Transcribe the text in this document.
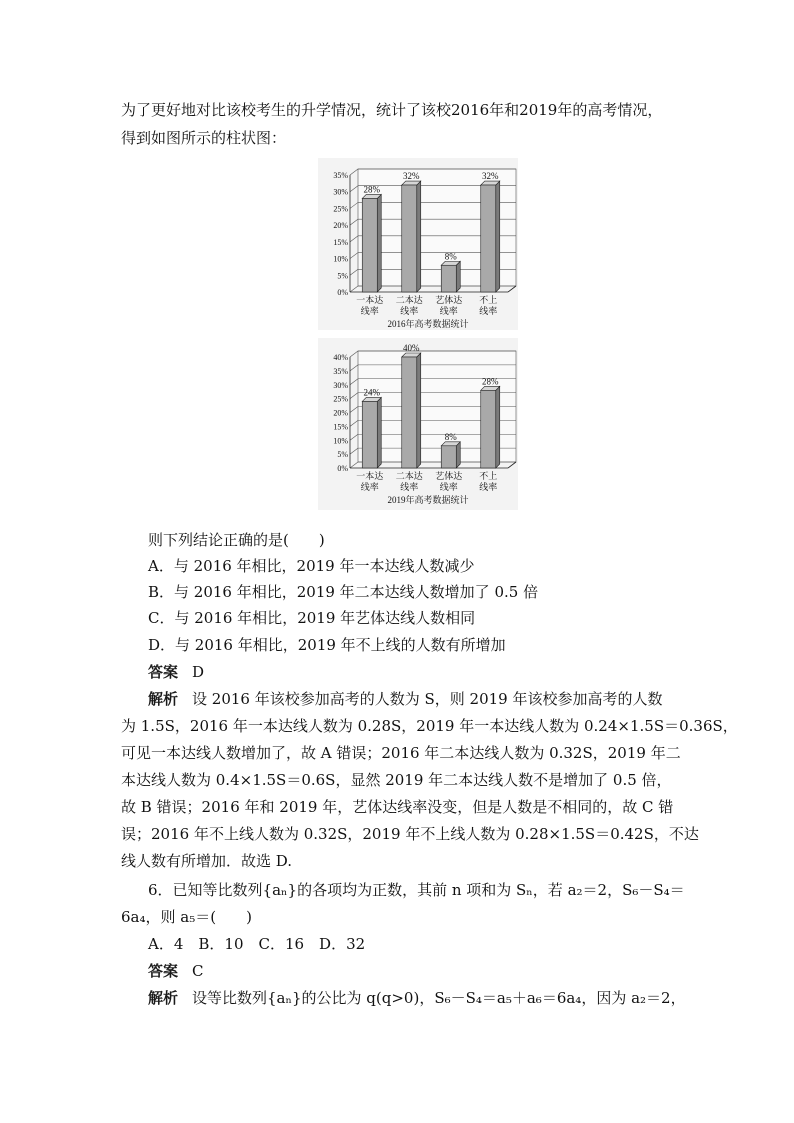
为了更好地对比该校考生的升学情况，统计了该校2016年和2019年的高考情况，
得到如图所示的柱状图：
0%
5%
10%
15%
20%
25%
30%
35%
28%
一本达
线率
32%
二本达
线率
8%
艺体达
线率
32%
不上
线率
2016年高考数据统计
0%
5%
10%
15%
20%
25%
30%
35%
40%
24%
一本达
线率
40%
二本达
线率
8%
艺体达
线率
28%
不上
线率
2019年高考数据统计
则下列结论正确的是(　　)
A．与 2016 年相比，2019 年一本达线人数减少
B．与 2016 年相比，2019 年二本达线人数增加了 0.5 倍
C．与 2016 年相比，2019 年艺体达线人数相同
D．与 2016 年相比，2019 年不上线的人数有所增加
答案 D
解析 设 2016 年该校参加高考的人数为 S，则 2019 年该校参加高考的人数
为 1.5S，2016 年一本达线人数为 0.28S，2019 年一本达线人数为 0.24×1.5S＝0.36S，
可见一本达线人数增加了，故 A 错误；2016 年二本达线人数为 0.32S，2019 年二
本达线人数为 0.4×1.5S＝0.6S，显然 2019 年二本达线人数不是增加了 0.5 倍，
故 B 错误；2016 年和 2019 年，艺体达线率没变，但是人数是不相同的，故 C 错
误；2016 年不上线人数为 0.32S，2019 年不上线人数为 0.28×1.5S＝0.42S，不达
线人数有所增加．故选 D.
6．已知等比数列{aₙ}的各项均为正数，其前 n 项和为 Sₙ，若 a₂＝2，S₆－S₄＝
6a₄，则 a₅＝(　　)
A．4　B．10　C．16　D．32
答案 C
解析 设等比数列{aₙ}的公比为 q(q>0)，S₆－S₄＝a₅＋a₆＝6a₄，因为 a₂＝2，
